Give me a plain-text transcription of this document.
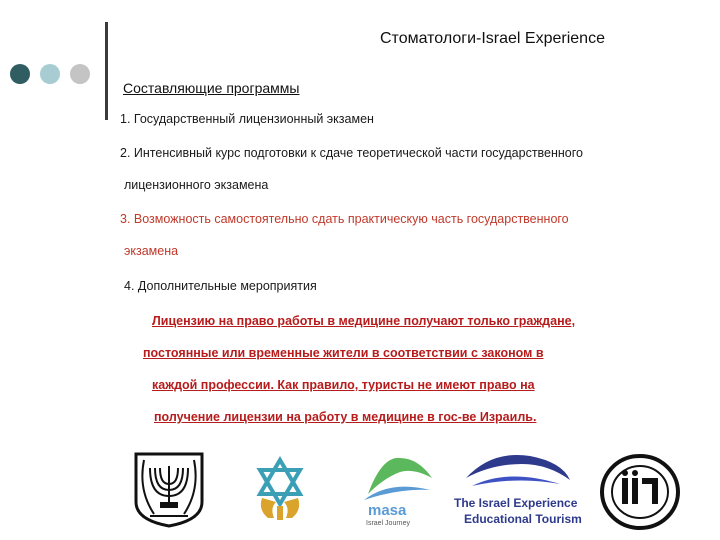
Стоматологи-Israel Experience
Составляющие программы
1. Государственный лицензионный экзамен
2. Интенсивный курс подготовки к сдаче теоретической части государственного
лицензионного экзамена
3. Возможность самостоятельно сдать практическую часть государственного
экзамена
4. Дополнительные мероприятия
Лицензию на право работы в медицине получают только граждане,
постоянные или временные жители в соответствии с законом в
каждой профессии. Как правило, туристы не имеют право на
получение лицензии на работу в медицине в гос-ве Израиль.
masa
Israel Journey
The Israel Experience
Educational Tourism
